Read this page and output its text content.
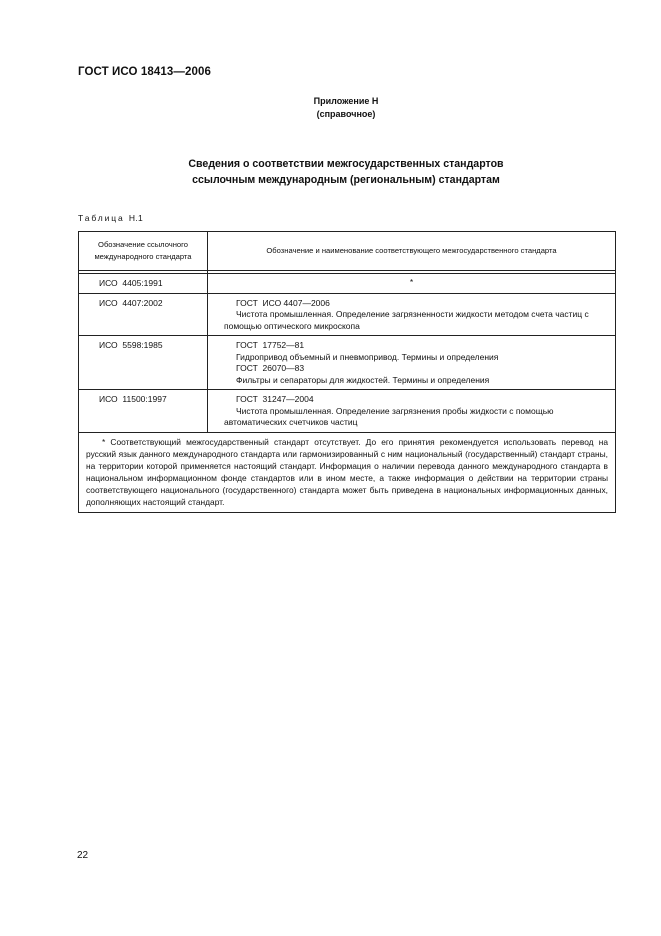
ГОСТ ИСО 18413—2006
Приложение Н
(справочное)
Сведения о соответствии межгосударственных стандартов
ссылочным международным (региональным) стандартам
Таблица Н.1
Обозначение ссылочного международного стандарта	Обозначение и наименование соответствующего межгосударственного стандарта

ИСО  4405:1991	*
ИСО  4407:2002	ГОСТ  ИСО 4407—2006
Чистота промышленная. Определение загрязненности жидкости методом счета частиц с помощью оптического микроскопа

ИСО  5598:1985	ГОСТ  17752—81
Гидропривод объемный и пневмопривод. Термины и определения
ГОСТ  26070—83
Фильтры и сепараторы для жидкостей. Термины и определения

ИСО  11500:1997	ГОСТ  31247—2004
Чистота промышленная. Определение загрязнения пробы жидкости с помощью автоматических счетчиков частиц

* Соответствующий межгосударственный стандарт отсутствует. До его принятия рекомендуется использовать перевод на русский язык данного международного стандарта или гармонизированный с ним национальный (государственный) стандарт страны, на территории которой применяется настоящий стандарт. Информация о наличии перевода данного международного стандарта в национальном информационном фонде стандартов или в ином месте, а также информация о действии на территории страны соответствующего национального (государственного) стандарта может быть приведена в национальных информационных данных, дополняющих настоящий стандарт.	
22
